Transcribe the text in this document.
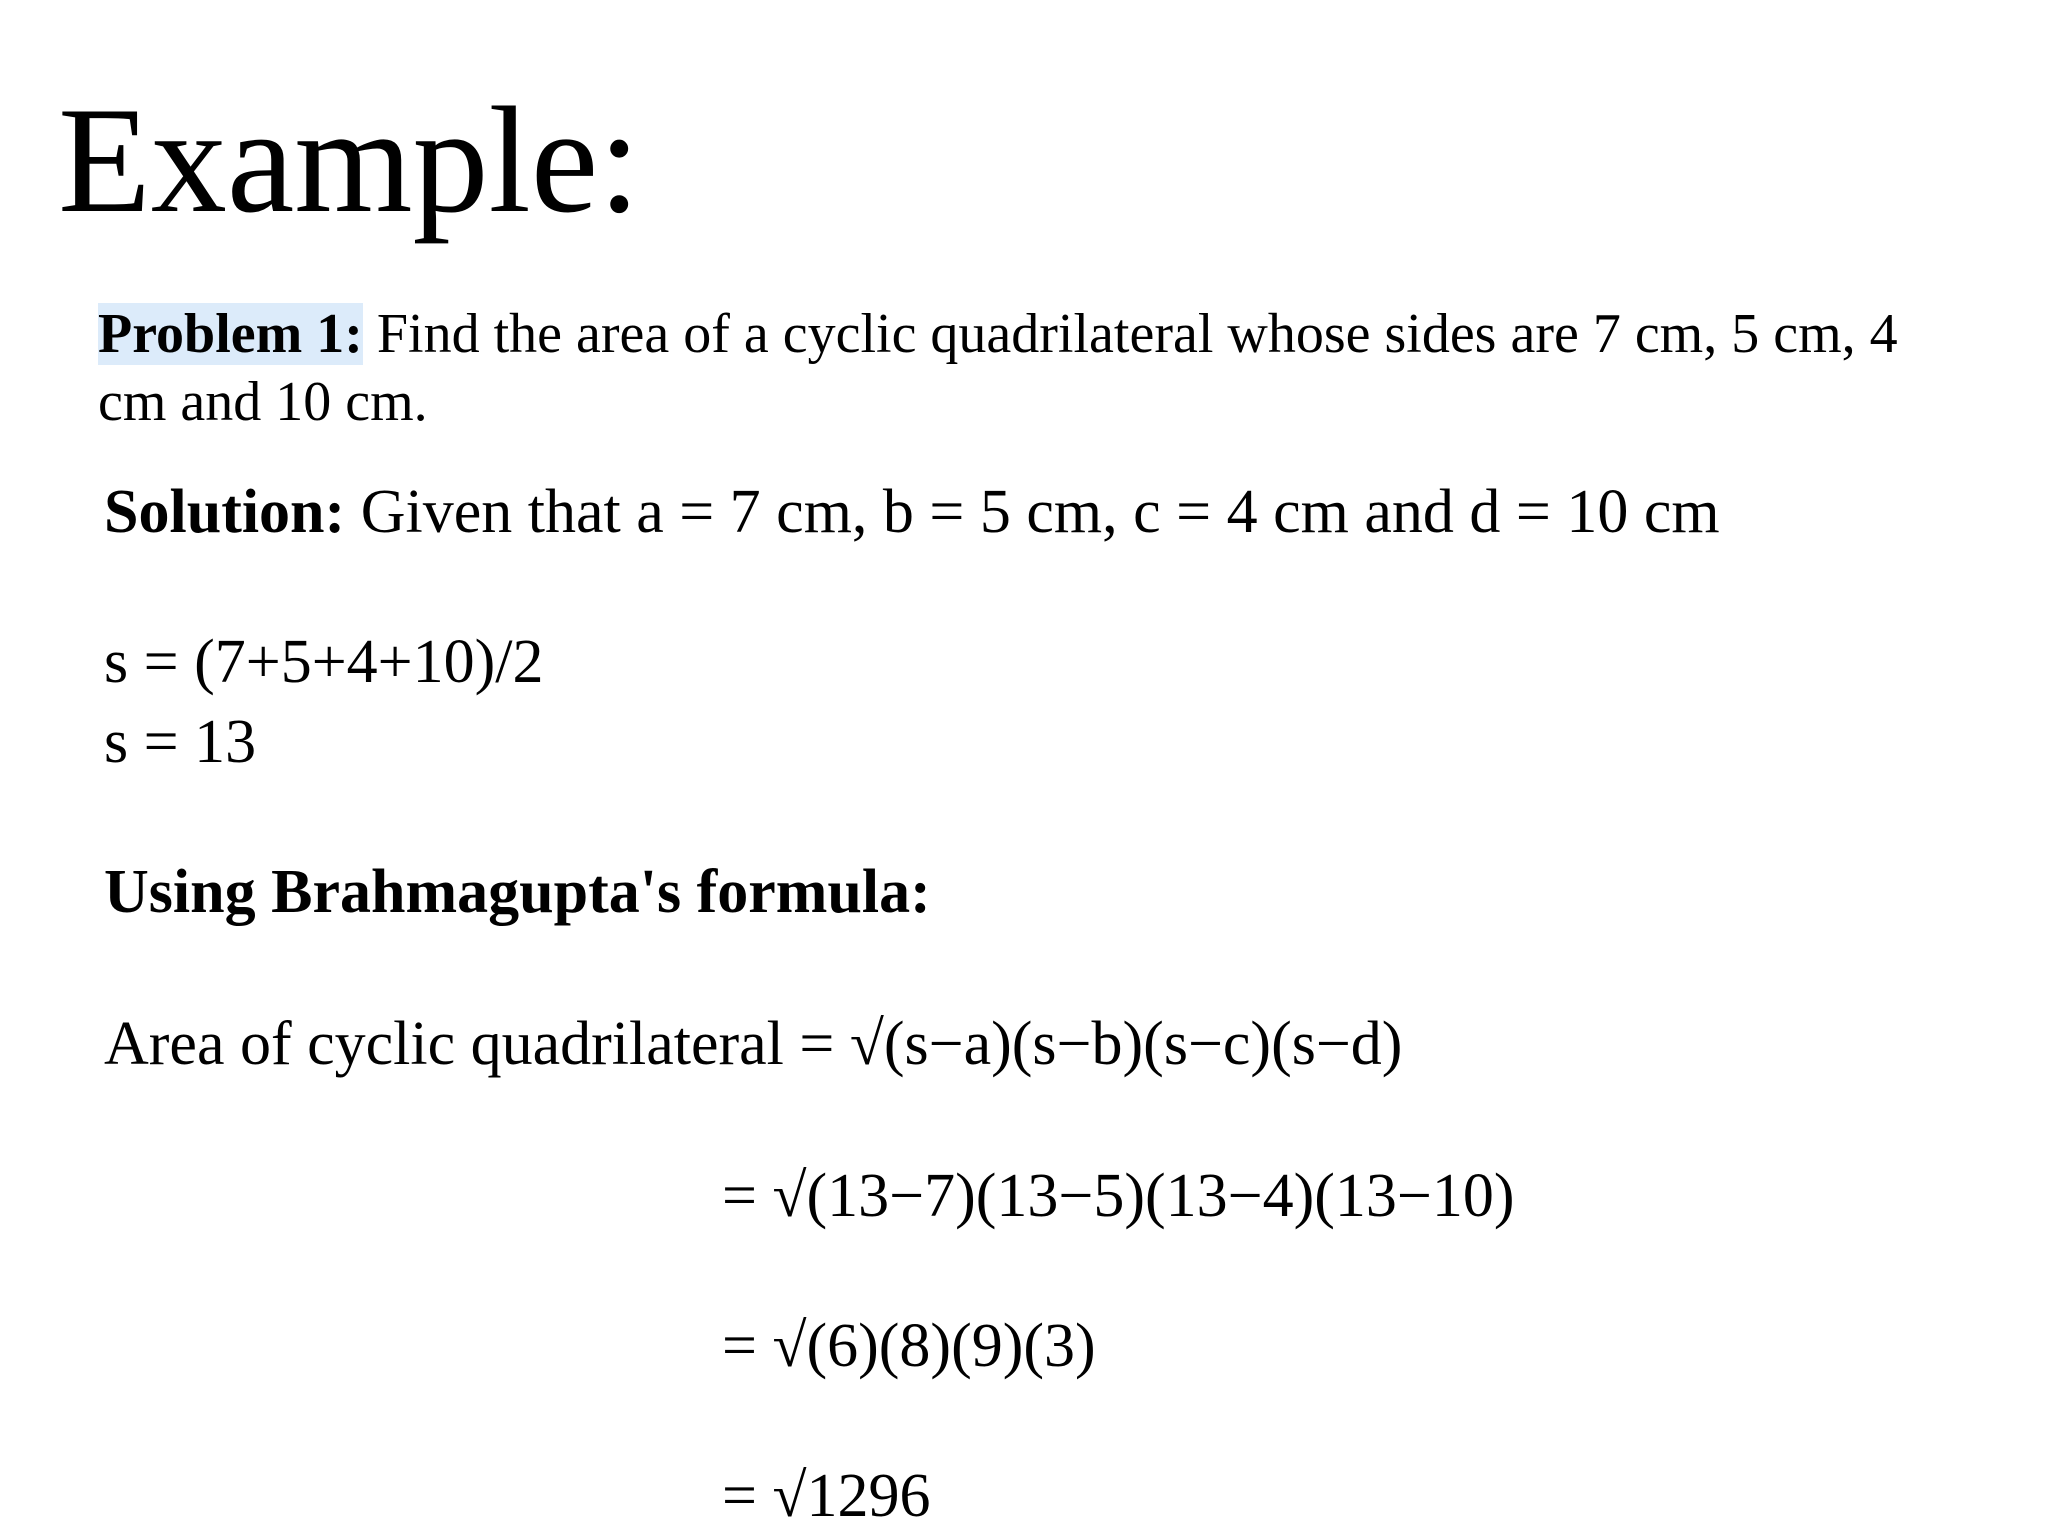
Example:
Problem 1: Find the area of a cyclic quadrilateral whose sides are 7 cm, 5 cm, 4 cm and 10 cm.
Solution: Given that a = 7 cm, b = 5 cm, c = 4 cm and d = 10 cm
s = (7+5+4+10)/2
s = 13
Using Brahmagupta's formula:
Area of cyclic quadrilateral = √(s−a)(s−b)(s−c)(s−d)
= √(13−7)(13−5)(13−4)(13−10)
= √(6)(8)(9)(3)
= √1296
